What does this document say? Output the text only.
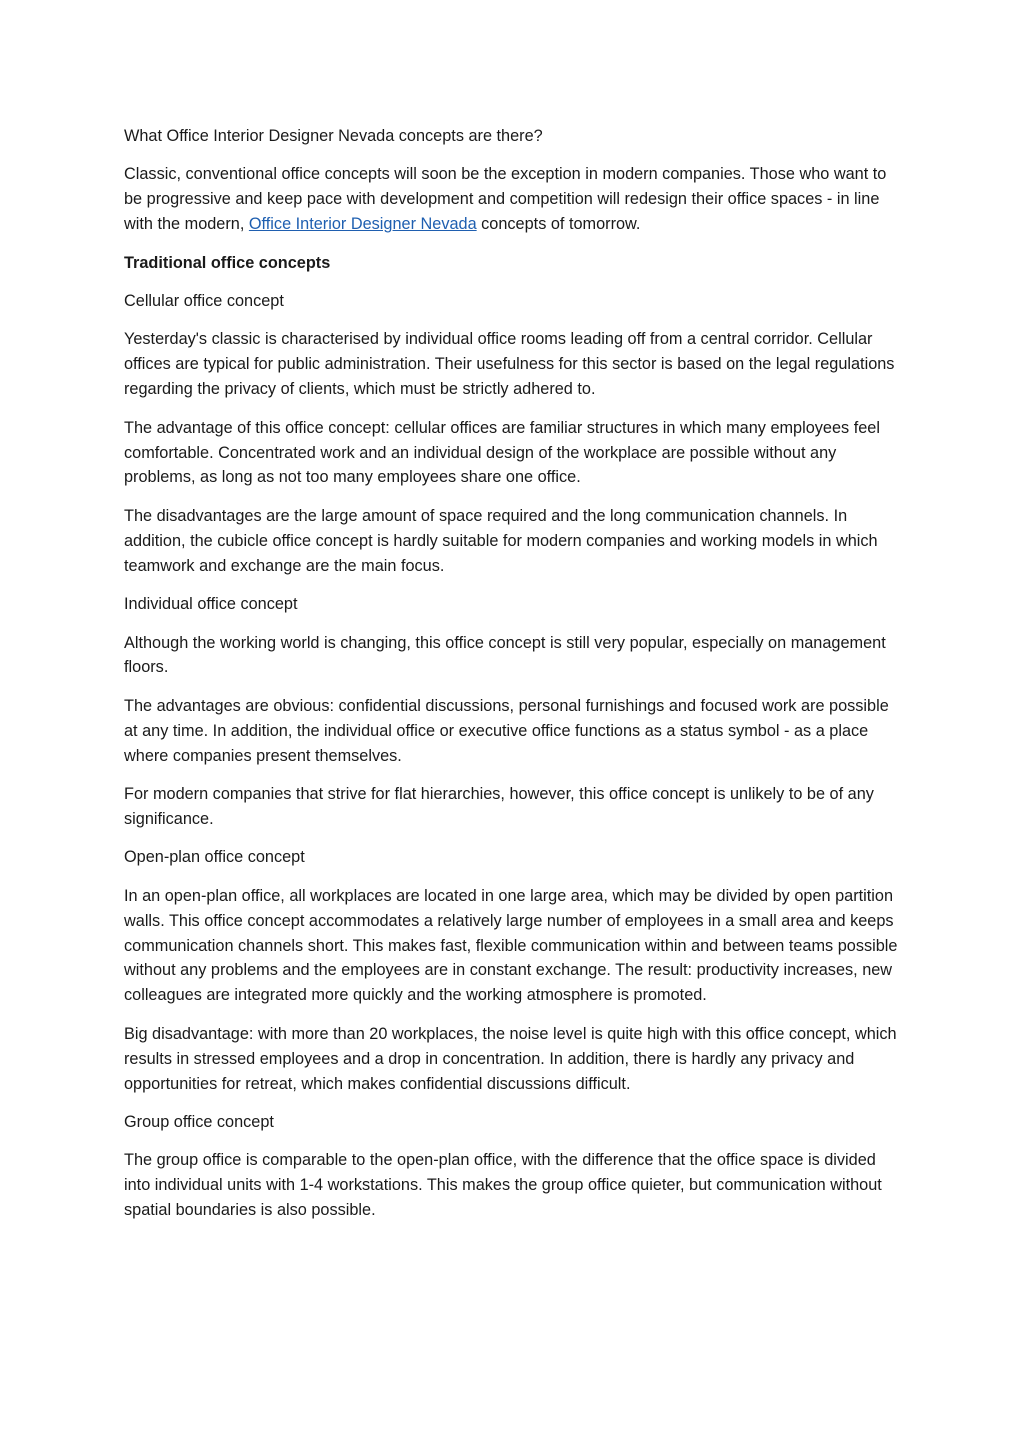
What Office Interior Designer Nevada concepts are there?

Classic, conventional office concepts will soon be the exception in modern companies. Those who want to be progressive and keep pace with development and competition will redesign their office spaces - in line with the modern, Office Interior Designer Nevada concepts of tomorrow.

Traditional office concepts

Cellular office concept

Yesterday's classic is characterised by individual office rooms leading off from a central corridor. Cellular offices are typical for public administration. Their usefulness for this sector is based on the legal regulations regarding the privacy of clients, which must be strictly adhered to.

The advantage of this office concept: cellular offices are familiar structures in which many employees feel comfortable. Concentrated work and an individual design of the workplace are possible without any problems, as long as not too many employees share one office.

The disadvantages are the large amount of space required and the long communication channels. In addition, the cubicle office concept is hardly suitable for modern companies and working models in which teamwork and exchange are the main focus.

Individual office concept

Although the working world is changing, this office concept is still very popular, especially on management floors.

The advantages are obvious: confidential discussions, personal furnishings and focused work are possible at any time. In addition, the individual office or executive office functions as a status symbol - as a place where companies present themselves.

For modern companies that strive for flat hierarchies, however, this office concept is unlikely to be of any significance.

Open-plan office concept

In an open-plan office, all workplaces are located in one large area, which may be divided by open partition walls. This office concept accommodates a relatively large number of employees in a small area and keeps communication channels short. This makes fast, flexible communication within and between teams possible without any problems and the employees are in constant exchange. The result: productivity increases, new colleagues are integrated more quickly and the working atmosphere is promoted.

Big disadvantage: with more than 20 workplaces, the noise level is quite high with this office concept, which results in stressed employees and a drop in concentration. In addition, there is hardly any privacy and opportunities for retreat, which makes confidential discussions difficult.

Group office concept

The group office is comparable to the open-plan office, with the difference that the office space is divided into individual units with 1-4 workstations. This makes the group office quieter, but communication without spatial boundaries is also possible.
